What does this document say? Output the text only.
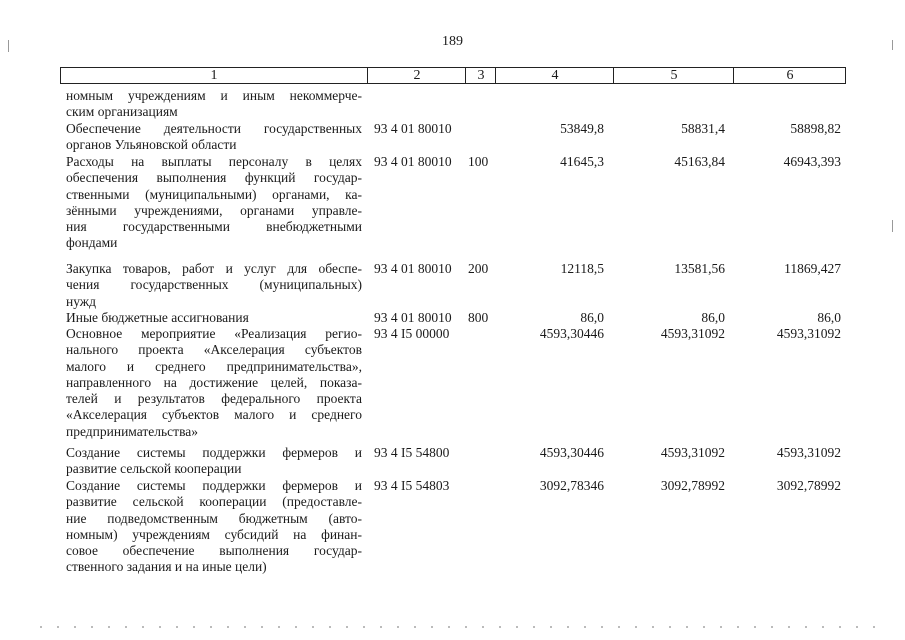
189
1	2	3	4	5	6
номным учреждениям и иным некоммерче-
ским организациям
Обеспечение деятельности государственных
органов Ульяновской области
93 4 01 80010	53849,8	58831,4	58898,82
Расходы на выплаты персоналу в целях
обеспечения выполнения функций государ-
ственными (муниципальными) органами, ка-
зёнными учреждениями, органами управле-
ния государственными внебюджетными
фондами
93 4 01 80010 100	41645,3	45163,84	46943,393
Закупка товаров, работ и услуг для обеспе-
чения государственных (муниципальных)
нужд
93 4 01 80010 200	12118,5	13581,56	11869,427
Иные бюджетные ассигнования	93 4 01 80010 800	86,0	86,0	86,0
Основное мероприятие «Реализация регио-
нального проекта «Акселерация субъектов
малого и среднего предпринимательства»,
направленного на достижение целей, показа-
телей и результатов федерального проекта
«Акселерация субъектов малого и среднего
предпринимательства»
93 4 I5 00000	4593,30446	4593,31092	4593,31092
Создание системы поддержки фермеров и
развитие сельской кооперации
93 4 I5 54800	4593,30446	4593,31092	4593,31092
Создание системы поддержки фермеров и
развитие сельской кооперации (предоставле-
ние подведомственным бюджетным (авто-
номным) учреждениям субсидий на финан-
совое обеспечение выполнения государ-
ственного задания и на иные цели)
93 4 I5 54803	3092,78346	3092,78992	3092,78992
